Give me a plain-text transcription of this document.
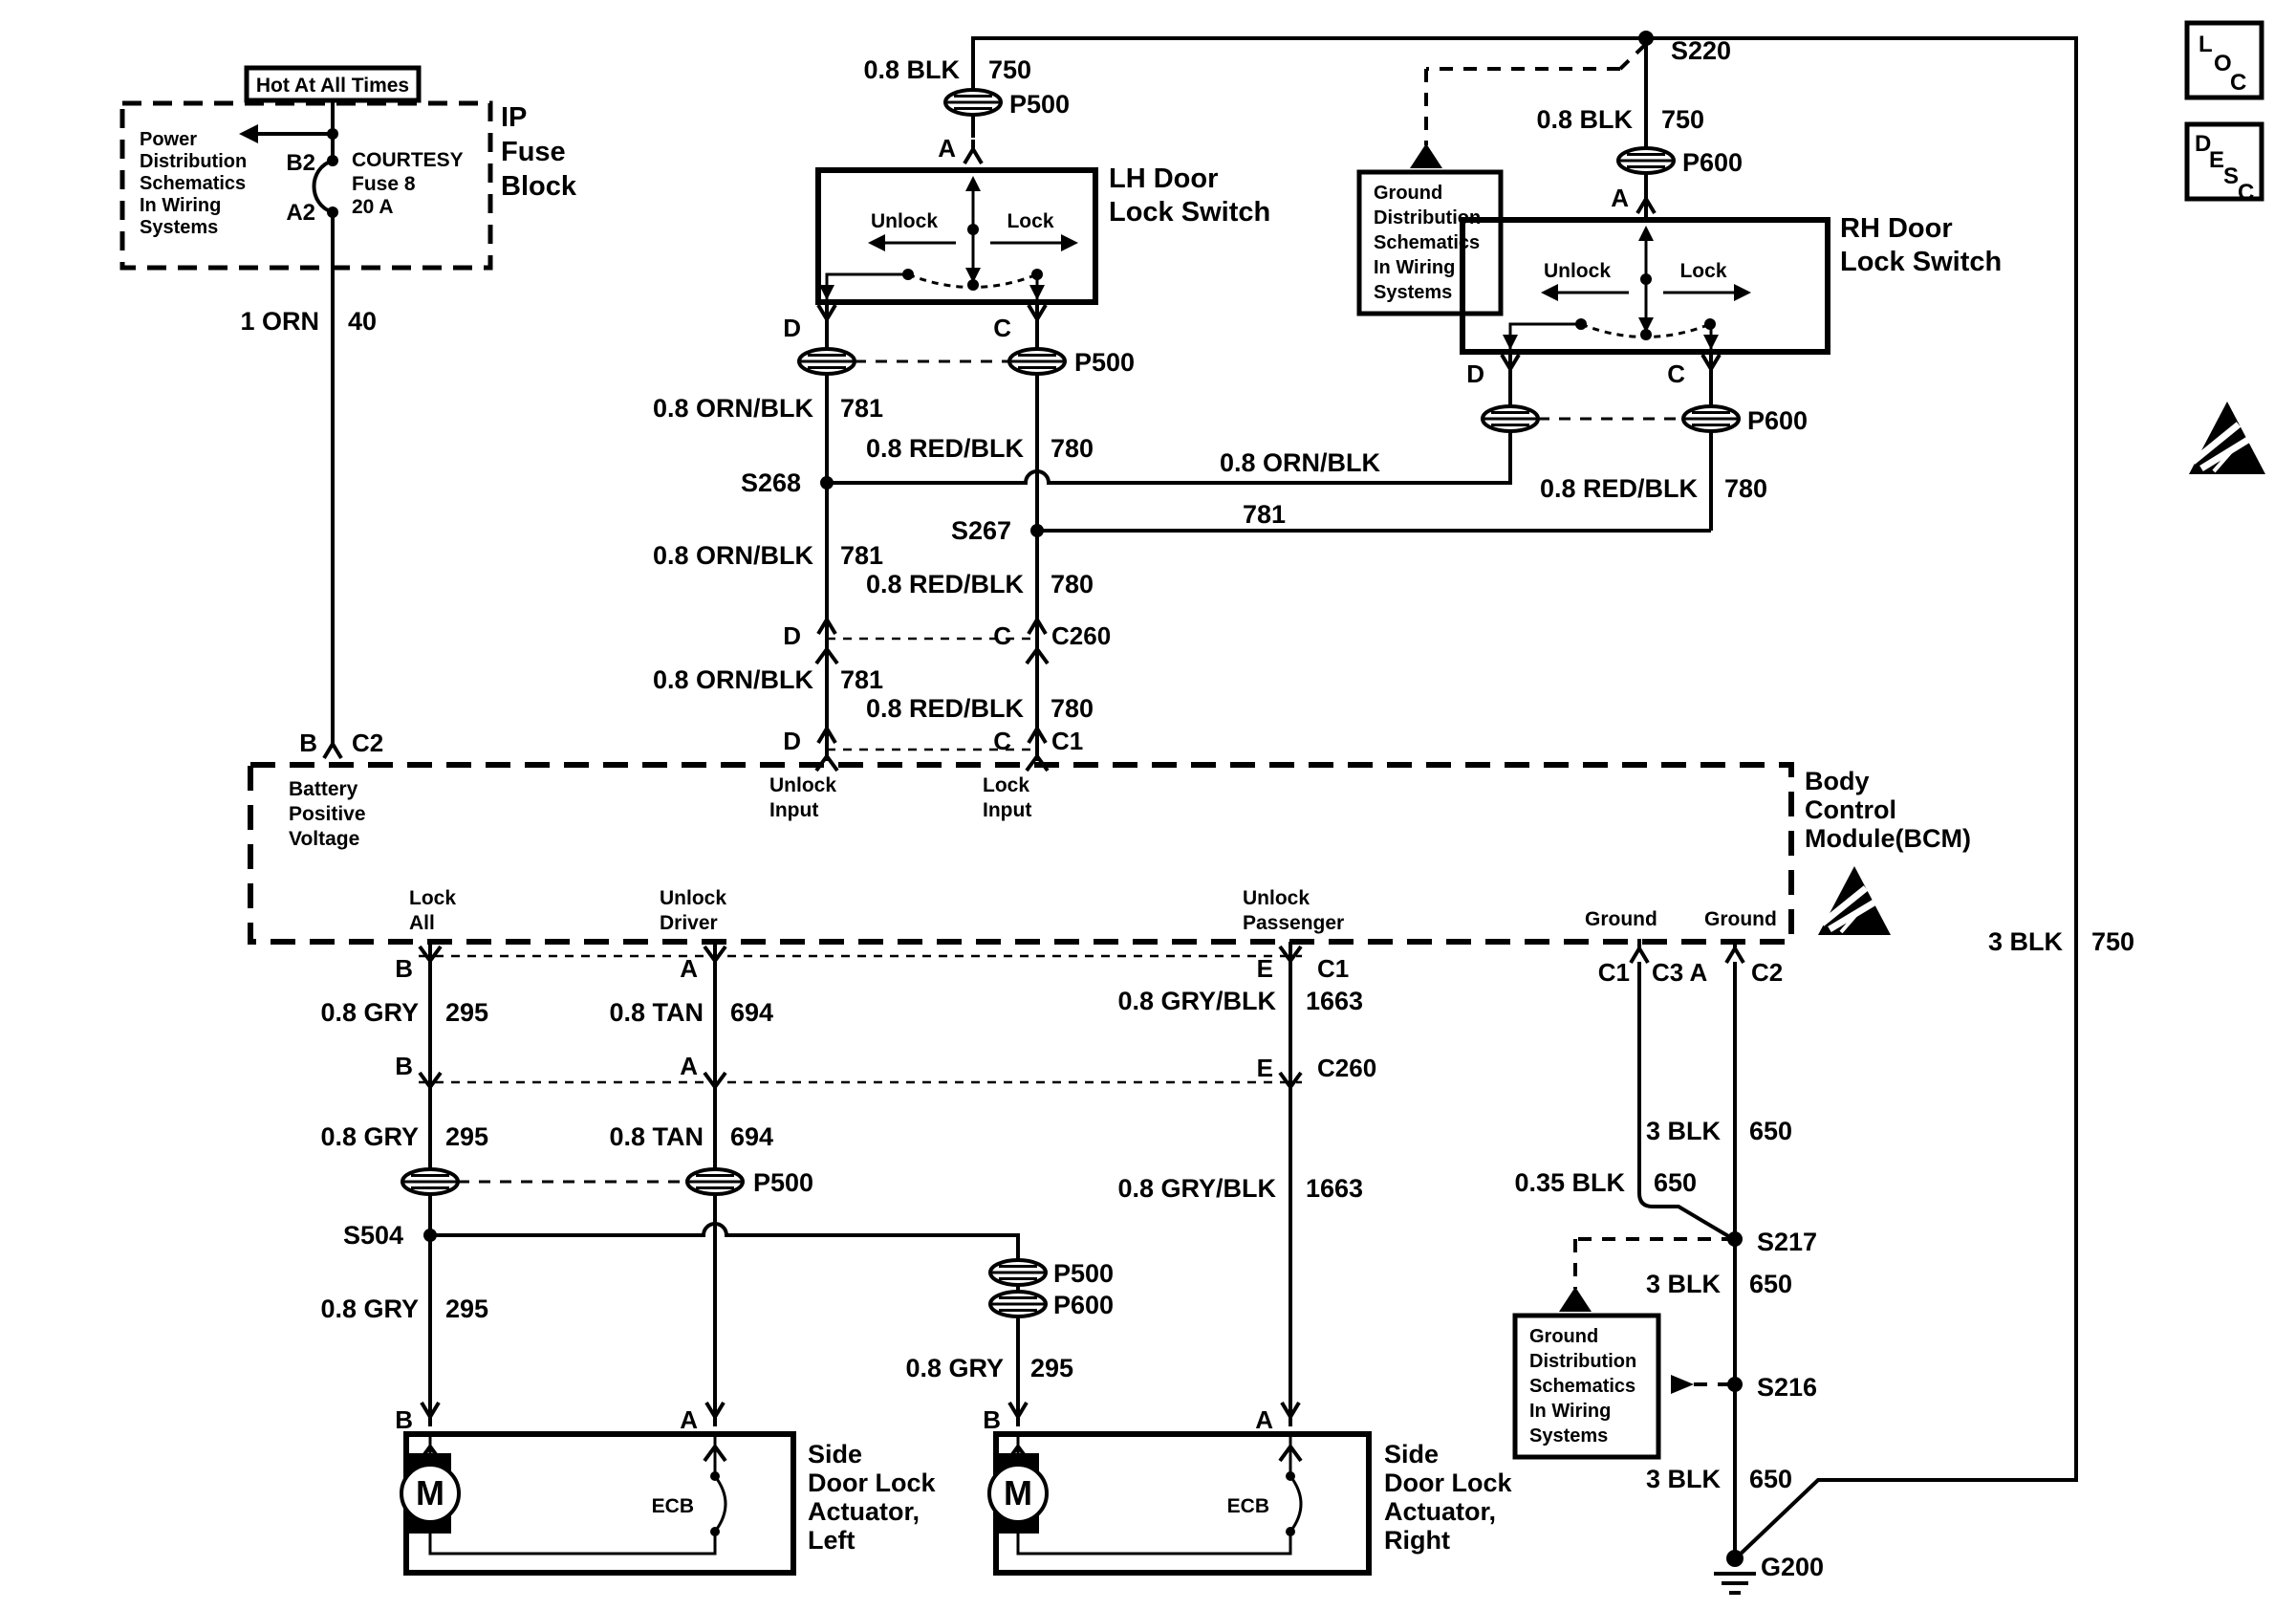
Hot At All Times
IP
Fuse
Block
Power
Distribution
Schematics
In Wiring
Systems
B2
A2
COURTESY
Fuse 8
20 A
1 ORN 40
B C2
0.8 BLK 750
P500
A
LH Door
Lock Switch
Unlock	Lock
D	C
P500
0.8 ORN/BLK 781
0.8 RED/BLK 780
S268
S267
0.8 ORN/BLK 781
0.8 RED/BLK 780
D	C C260
0.8 ORN/BLK 781
0.8 RED/BLK 780
D	C C1
S220
Ground
Distribution
Schematics
In Wiring
Systems
0.8 BLK 750
P600
A
RH Door
Lock Switch
Unlock	Lock
D	C
P600
0.8 RED/BLK 780
0.8 ORN/BLK
781
Body
Control
Module(BCM)
Battery
Positive
Voltage
Unlock
Input
Lock
Input
Lock
All
Unlock
Driver
Unlock
Passenger	Ground Ground
B	A	E C1
0.8 GRY 295	0.8 TAN 694	0.8 GRY/BLK 1663
B	A	E C260
0.8 GRY 295	0.8 TAN 694
P500
S504
P500
P600
0.8 GRY 295
0.8 GRY 295
0.8 GRY/BLK 1663
C1 C3 A C2
3 BLK 650
0.35 BLK 650
S217
Ground
Distribution
Schematics
In Wiring
Systems
3 BLK 650
S216
3 BLK 650
G200
3 BLK 750
B	A
Side
Door Lock
Actuator,
Left
M	ECB
B	A
Side
Door Lock
Actuator,
Right
M	ECB
L
O
C
D
E
S
C
